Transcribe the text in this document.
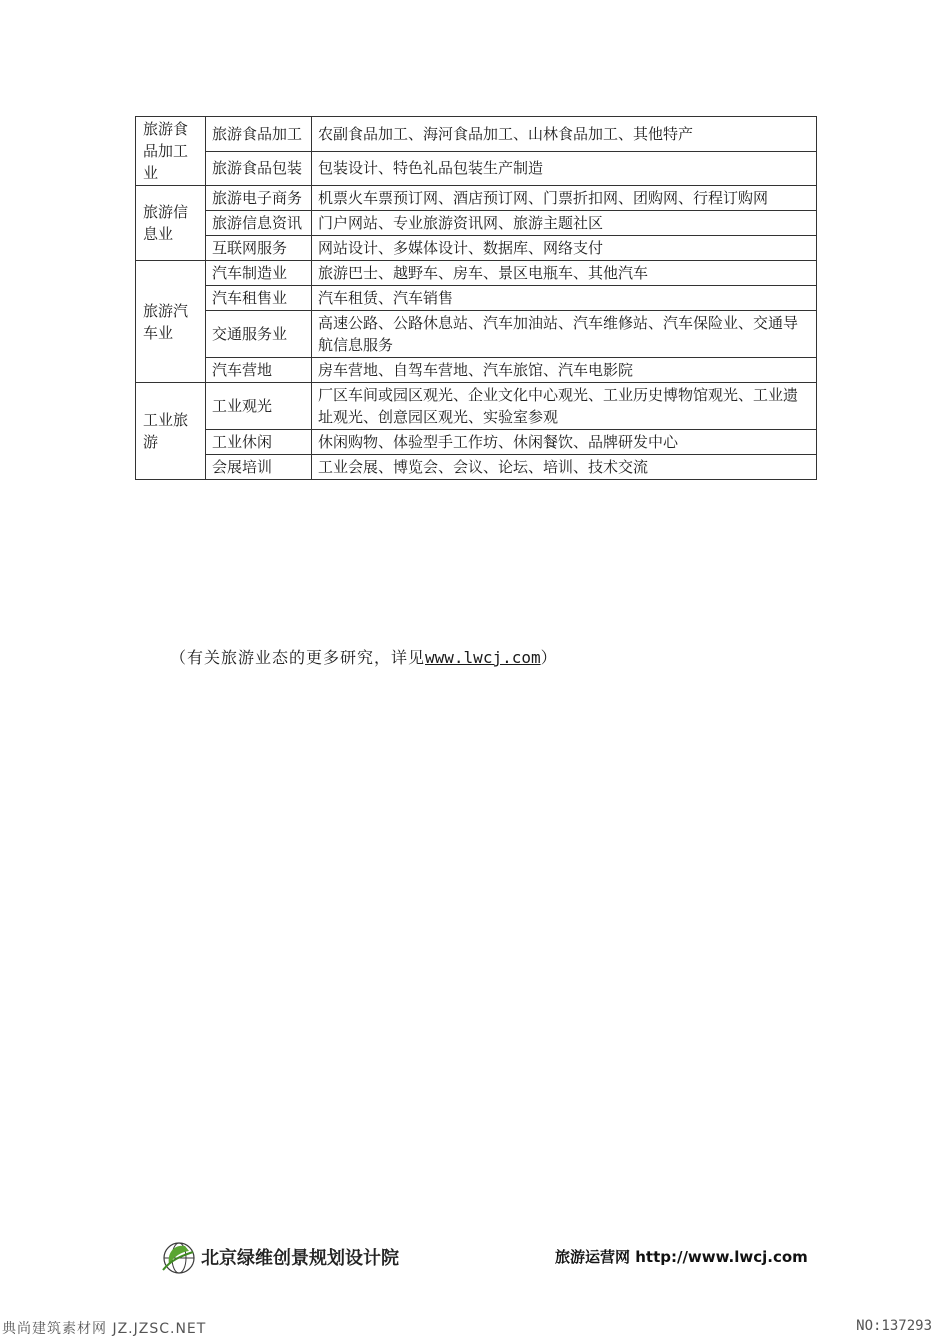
旅游食品加工业	旅游食品加工	农副食品加工、海河食品加工、山林食品加工、其他特产
	旅游食品包装	包装设计、特色礼品包装生产制造
旅游信息业	旅游电子商务	机票火车票预订网、酒店预订网、门票折扣网、团购网、行程订购网
	旅游信息资讯	门户网站、专业旅游资讯网、旅游主题社区
	互联网服务	网站设计、多媒体设计、数据库、网络支付
旅游汽车业	汽车制造业	旅游巴士、越野车、房车、景区电瓶车、其他汽车
	汽车租售业	汽车租赁、汽车销售
	交通服务业	高速公路、公路休息站、汽车加油站、汽车维修站、汽车保险业、交通导航信息服务
	汽车营地	房车营地、自驾车营地、汽车旅馆、汽车电影院
工业旅游	工业观光	厂区车间或园区观光、企业文化中心观光、工业历史博物馆观光、工业遗址观光、创意园区观光、实验室参观
	工业休闲	休闲购物、体验型手工作坊、休闲餐饮、品牌研发中心
	会展培训	工业会展、博览会、会议、论坛、培训、技术交流
（有关旅游业态的更多研究，详见www.lwcj.com）
北京绿维创景规划设计院	旅游运营网 http://www.lwcj.com
典尚建筑素材网 JZ.JZSC.NET	NO:137293
